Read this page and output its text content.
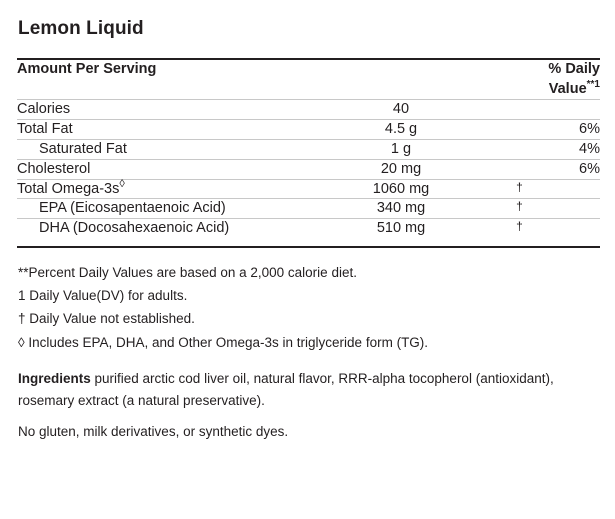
Lemon Liquid
Amount Per Serving		% Daily
Value$^{**1}$
Calories	40	
Total Fat	4.5 g	6%
Saturated Fat	1 g	4%
Cholesterol	20 mg	6%
Total Omega-3s◊	1060 mg	†
EPA (Eicosapentaenoic Acid)	340 mg	†
DHA (Docosahexaenoic Acid)	510 mg	†
**Percent Daily Values are based on a 2,000 calorie diet.
1 Daily Value(DV) for adults.
† Daily Value not established.
◊ Includes EPA, DHA, and Other Omega-3s in triglyceride form (TG).
Ingredients purified arctic cod liver oil, natural flavor, RRR-alpha tocopherol (antioxidant), rosemary extract (a natural preservative).
No gluten, milk derivatives, or synthetic dyes.
